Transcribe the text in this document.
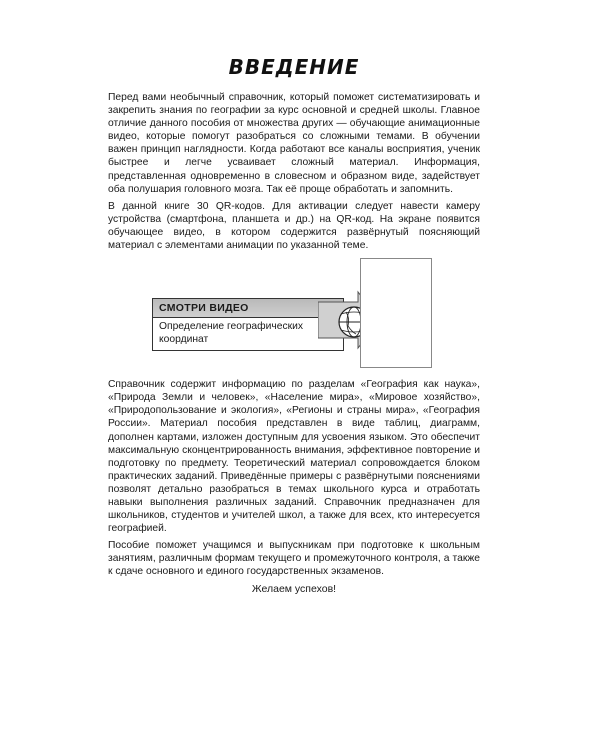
ВВЕДЕНИЕ

Перед вами необычный справочник, который поможет систематизировать и закрепить знания по географии за курс основной и средней школы. Главное отличие данного пособия от множества других — обучающие анимационные видео, которые помогут разобраться со сложными темами. В обучении важен принцип наглядности. Когда работают все каналы восприятия, ученик быстрее и легче усваивает сложный материал. Информация, представленная одновременно в словесном и образном виде, задействует оба полушария головного мозга. Так её проще обработать и запомнить.

В данной книге 30 QR-кодов. Для активации следует навести камеру устройства (смартфона, планшета и др.) на QR-код. На экране появится обучающее видео, в котором содержится развёрнутый поясняющий материал с элементами анимации по указанной теме.

СМОТРИ ВИДЕО
Определение географических координат

Справочник содержит информацию по разделам «География как наука», «Природа Земли и человек», «Население мира», «Мировое хозяйство», «Природопользование и экология», «Регионы и страны мира», «География России». Материал пособия представлен в виде таблиц, диаграмм, дополнен картами, изложен доступным для усвоения языком. Это обеспечит максимальную сконцентрированность внимания, эффективное повторение и подготовку по предмету. Теоретический материал сопровождается блоком практических заданий. Приведённые примеры с развёрнутыми пояснениями позволят детально разобраться в темах школьного курса и отработать навыки выполнения различных заданий. Справочник предназначен для школьников, студентов и учителей школ, а также для всех, кто интересуется географией.

Пособие поможет учащимся и выпускникам при подготовке к школьным занятиям, различным формам текущего и промежуточного контроля, а также к сдаче основного и единого государственных экзаменов.

Желаем успехов!
